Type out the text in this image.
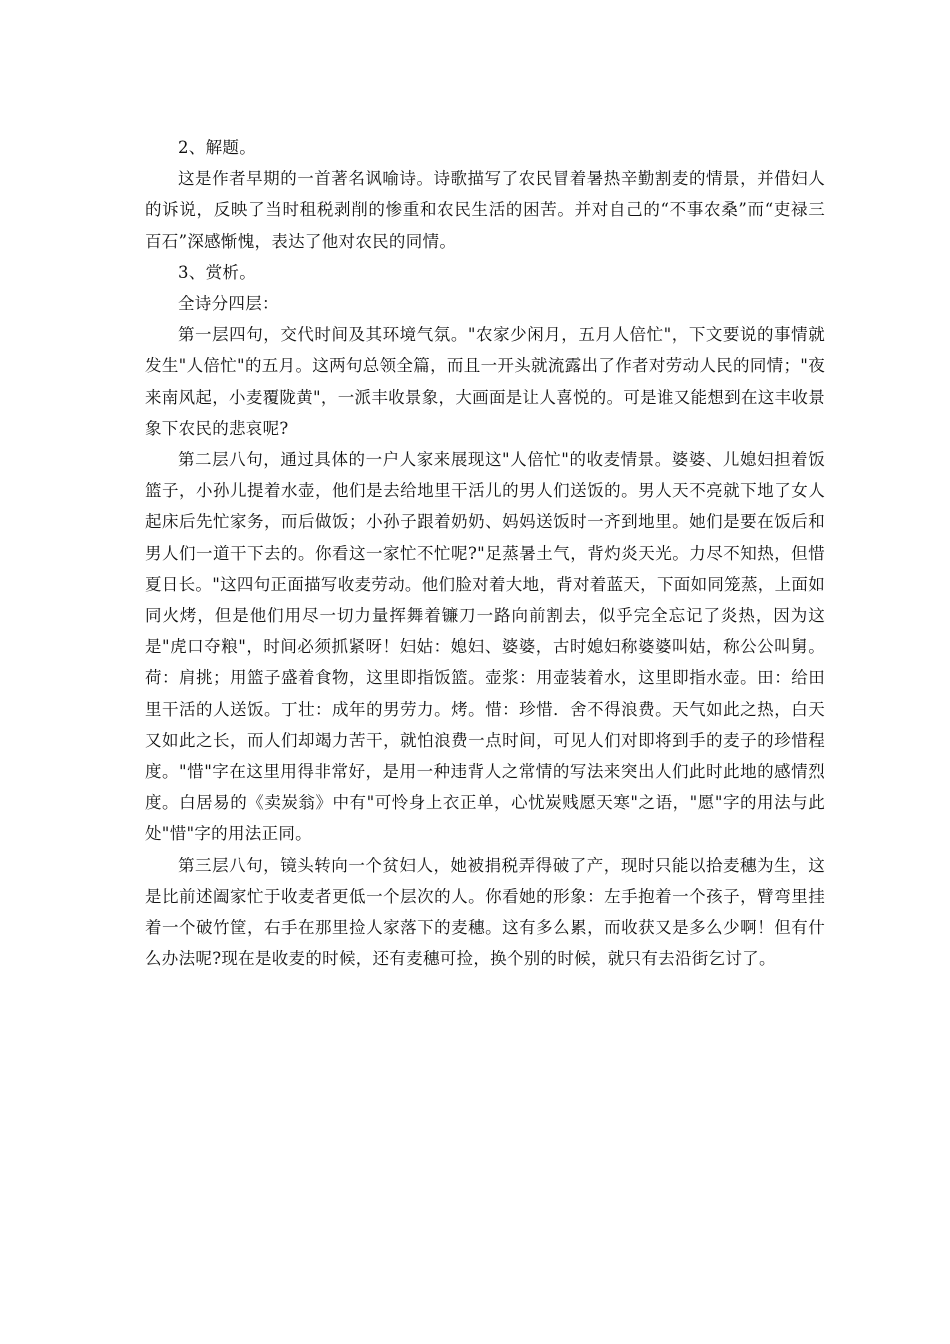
2、解题。

这是作者早期的一首著名讽喻诗。诗歌描写了农民冒着暑热辛勤割麦的情景，并借妇人的诉说，反映了当时租税剥削的惨重和农民生活的困苦。并对自己的“不事农桑”而“吏禄三百石”深感惭愧，表达了他对农民的同情。

3、赏析。

全诗分四层：

第一层四句，交代时间及其环境气氛。"农家少闲月，五月人倍忙"，下文要说的事情就发生"人倍忙"的五月。这两句总领全篇，而且一开头就流露出了作者对劳动人民的同情；"夜来南风起，小麦覆陇黄"，一派丰收景象，大画面是让人喜悦的。可是谁又能想到在这丰收景象下农民的悲哀呢?

第二层八句，通过具体的一户人家来展现这"人倍忙"的收麦情景。婆婆、儿媳妇担着饭篮子，小孙儿提着水壶，他们是去给地里干活儿的男人们送饭的。男人天不亮就下地了女人起床后先忙家务，而后做饭；小孙子跟着奶奶、妈妈送饭时一齐到地里。她们是要在饭后和男人们一道干下去的。你看这一家忙不忙呢?"足蒸暑土气，背灼炎天光。力尽不知热，但惜夏日长。"这四句正面描写收麦劳动。他们脸对着大地，背对着蓝天，下面如同笼蒸，上面如同火烤，但是他们用尽一切力量挥舞着镰刀一路向前割去，似乎完全忘记了炎热，因为这是"虎口夺粮"，时间必须抓紧呀！妇姑：媳妇、婆婆，古时媳妇称婆婆叫姑，称公公叫舅。荷：肩挑；用篮子盛着食物，这里即指饭篮。壶浆：用壶装着水，这里即指水壶。田：给田里干活的人送饭。丁壮：成年的男劳力。烤。惜：珍惜．舍不得浪费。天气如此之热，白天又如此之长，而人们却竭力苦干，就怕浪费一点时间，可见人们对即将到手的麦子的珍惜程度。"惜"字在这里用得非常好，是用一种违背人之常情的写法来突出人们此时此地的感情烈度。白居易的《卖炭翁》中有"可怜身上衣正单，心忧炭贱愿天寒"之语，"愿"字的用法与此处"惜"字的用法正同。

第三层八句，镜头转向一个贫妇人，她被捐税弄得破了产，现时只能以拾麦穗为生，这是比前述阖家忙于收麦者更低一个层次的人。你看她的形象：左手抱着一个孩子，臂弯里挂着一个破竹筐，右手在那里捡人家落下的麦穗。这有多么累，而收获又是多么少啊！但有什么办法呢?现在是收麦的时候，还有麦穗可捡，换个别的时候，就只有去沿街乞讨了。
